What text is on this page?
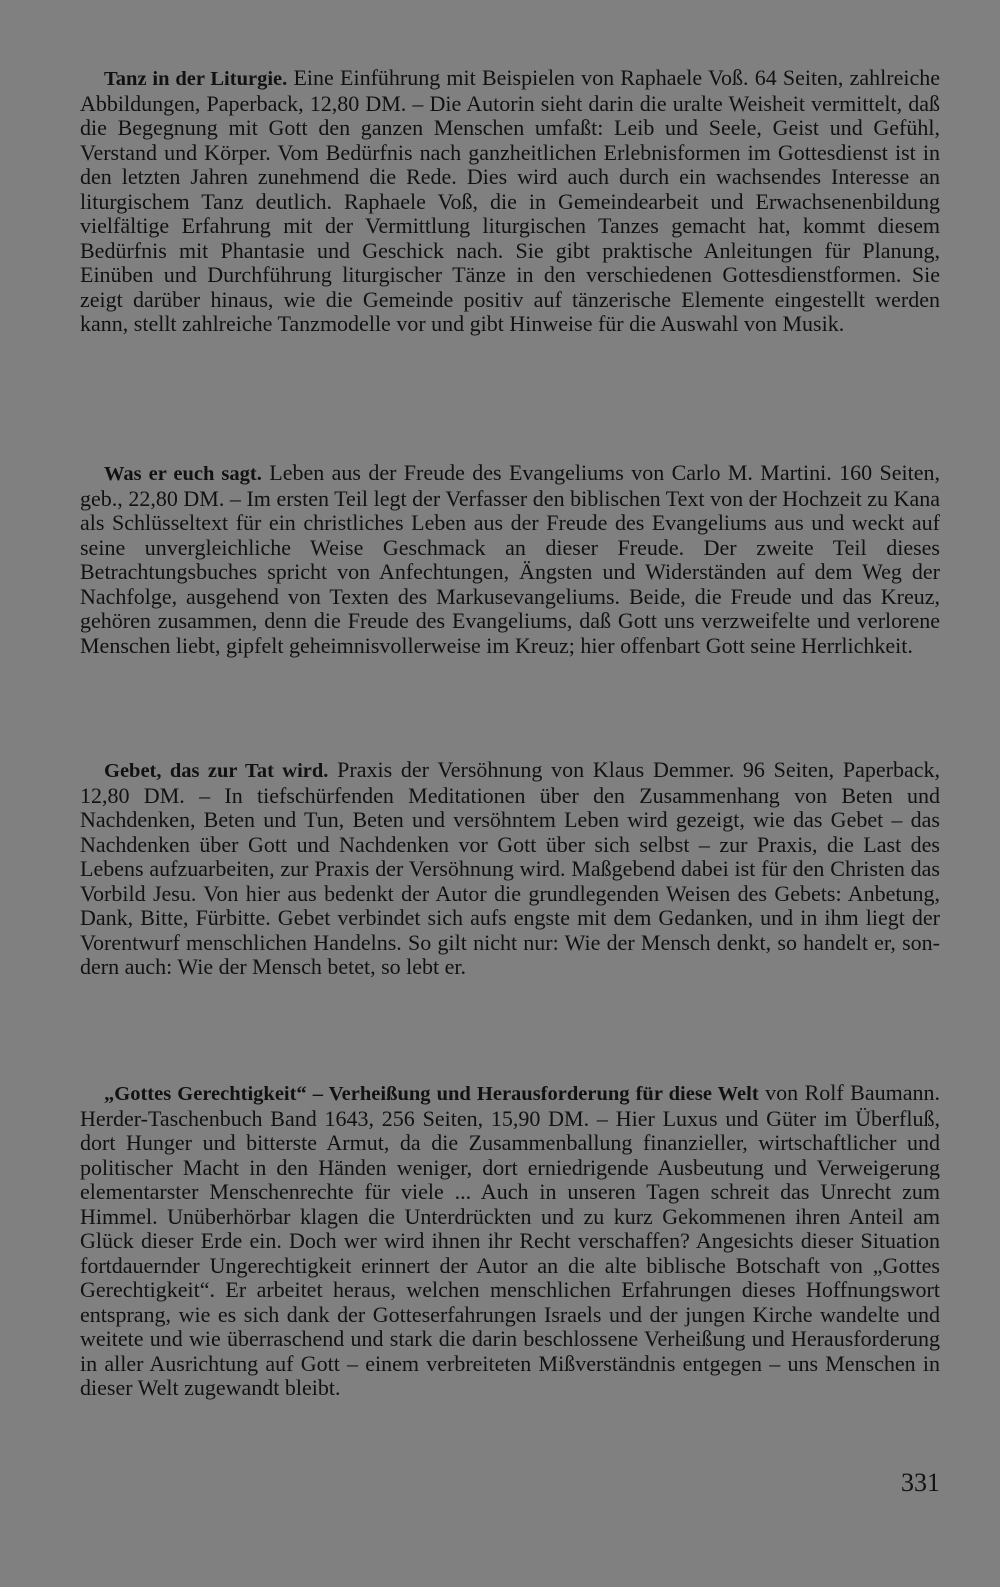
Tanz in der Liturgie. Eine Einführung mit Beispielen von Raphaele Voß. 64 Seiten, zahlreiche Abbildungen, Paperback, 12,80 DM. – Die Autorin sieht darin die uralte Weisheit vermittelt, daß die Begegnung mit Gott den ganzen Menschen umfaßt: Leib und Seele, Geist und Gefühl, Verstand und Körper. Vom Bedürfnis nach ganzheitlichen Erlebnisformen im Gottesdienst ist in den letzten Jahren zunehmend die Rede. Dies wird auch durch ein wachsendes Interesse an liturgischem Tanz deutlich. Raphaele Voß, die in Gemeindearbeit und Erwachsenenbildung vielfältige Erfahrung mit der Vermittlung liturgischen Tanzes gemacht hat, kommt diesem Bedürfnis mit Phantasie und Geschick nach. Sie gibt praktische Anleitungen für Planung, Einüben und Durchführung liturgischer Tänze in den verschiedenen Gottesdienstformen. Sie zeigt darüber hinaus, wie die Gemeinde positiv auf tänzerische Elemente eingestellt werden kann, stellt zahlreiche Tanzmodelle vor und gibt Hinweise für die Auswahl von Musik.

Was er euch sagt. Leben aus der Freude des Evangeliums von Carlo M. Martini. 160 Seiten, geb., 22,80 DM. – Im ersten Teil legt der Verfasser den biblischen Text von der Hochzeit zu Kana als Schlüsseltext für ein christliches Leben aus der Freude des Evangeliums aus und weckt auf seine unvergleichliche Weise Geschmack an dieser Freude. Der zweite Teil dieses Betrachtungsbuches spricht von Anfechtungen, Ängsten und Widerständen auf dem Weg der Nachfolge, ausgehend von Texten des Markusevangeliums. Beide, die Freude und das Kreuz, gehören zusammen, denn die Freude des Evangeliums, daß Gott uns verzweifelte und verlorene Menschen liebt, gipfelt geheimnisvollerweise im Kreuz; hier offenbart Gott seine Herrlichkeit.

Gebet, das zur Tat wird. Praxis der Versöhnung von Klaus Demmer. 96 Seiten, Paperback, 12,80 DM. – In tiefschürfenden Meditationen über den Zusammenhang von Beten und Nachdenken, Beten und Tun, Beten und versöhntem Leben wird gezeigt, wie das Gebet – das Nachdenken über Gott und Nachdenken vor Gott über sich selbst – zur Praxis, die Last des Lebens aufzuarbeiten, zur Praxis der Versöhnung wird. Maßgebend dabei ist für den Christen das Vorbild Jesu. Von hier aus bedenkt der Autor die grundlegenden Weisen des Gebets: Anbetung, Dank, Bitte, Fürbitte. Gebet verbindet sich aufs engste mit dem Gedanken, und in ihm liegt der Vorentwurf menschlichen Handelns. So gilt nicht nur: Wie der Mensch denkt, so handelt er, sondern auch: Wie der Mensch betet, so lebt er.

„Gottes Gerechtigkeit“ – Verheißung und Herausforderung für diese Welt von Rolf Baumann. Herder-Taschenbuch Band 1643, 256 Seiten, 15,90 DM. – Hier Luxus und Güter im Überfluß, dort Hunger und bitterste Armut, da die Zusammenballung finanzieller, wirtschaftlicher und politischer Macht in den Händen weniger, dort erniedrigende Ausbeutung und Verweigerung elementarster Menschenrechte für viele ... Auch in unseren Tagen schreit das Unrecht zum Himmel. Unüberhörbar klagen die Unterdrückten und zu kurz Gekommenen ihren Anteil am Glück dieser Erde ein. Doch wer wird ihnen ihr Recht verschaffen? Angesichts dieser Situation fortdauernder Ungerechtigkeit erinnert der Autor an die alte biblische Botschaft von „Gottes Gerechtigkeit“. Er arbeitet heraus, welchen menschlichen Erfahrungen dieses Hoffnungswort entsprang, wie es sich dank der Gotteserfahrungen Israels und der jungen Kirche wandelte und weitete und wie überraschend und stark die darin beschlossene Verheißung und Herausforderung in aller Ausrichtung auf Gott – einem verbreiteten Mißverständnis entgegen – uns Menschen in dieser Welt zugewandt bleibt.

331
